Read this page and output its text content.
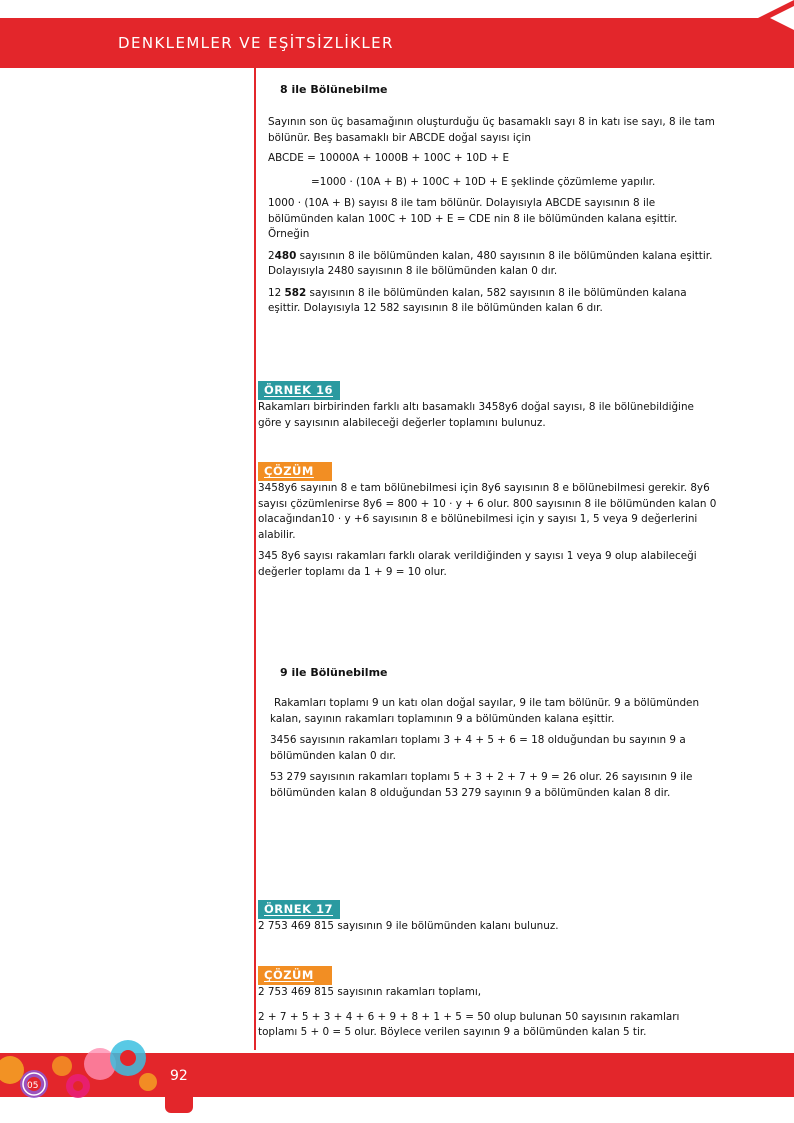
DENKLEMLER VE EŞİTSİZLİKLER

8 ile Bölünebilme

Sayının son üç basamağının oluşturduğu üç basamaklı sayı 8 in katı ise sayı, 8 ile tam bölünür. Beş basamaklı bir ABCDE doğal sayısı için

ABCDE = 10000A + 1000B + 100C + 10D + E

=1000 · (10A + B) + 100C + 10D + E şeklinde çözümleme yapılır.

1000 · (10A + B) sayısı 8 ile tam bölünür. Dolayısıyla ABCDE sayısının 8 ile bölümünden kalan 100C + 10D + E = CDE nin 8 ile bölümünden kalana eşittir. Örneğin

2480 sayısının 8 ile bölümünden kalan, 480 sayısının 8 ile bölümünden kalana eşittir. Dolayısıyla 2480 sayısının 8 ile bölümünden kalan 0 dır.

12 582 sayısının 8 ile bölümünden kalan, 582 sayısının 8 ile bölümünden kalana eşittir. Dolayısıyla 12 582 sayısının 8 ile bölümünden kalan 6 dır.

ÖRNEK 16

Rakamları birbirinden farklı altı basamaklı 3458y6 doğal sayısı, 8 ile bölünebildiğine göre y sayısının alabileceği değerler toplamını bulunuz.

ÇÖZÜM

3458y6 sayının 8 e tam bölünebilmesi için 8y6 sayısının 8 e bölünebilmesi gerekir. 8y6 sayısı çözümlenirse 8y6 = 800 + 10 · y + 6 olur. 800 sayısının 8 ile bölümünden kalan 0 olacağından10 · y +6 sayısının 8 e bölünebilmesi için y sayısı 1, 5 veya 9 değerlerini alabilir.

345 8y6 sayısı rakamları farklı olarak verildiğinden y sayısı 1 veya 9 olup alabileceği değerler toplamı da 1 + 9 = 10 olur.

9 ile Bölünebilme

Rakamları toplamı 9 un katı olan doğal sayılar, 9 ile tam bölünür. 9 a bölümünden kalan, sayının rakamları toplamının 9 a bölümünden kalana eşittir.

3456 sayısının rakamları toplamı 3 + 4 + 5 + 6 = 18 olduğundan bu sayının 9 a bölümünden kalan 0 dır.

53 279 sayısının rakamları toplamı 5 + 3 + 2 + 7 + 9 = 26 olur. 26 sayısının 9 ile bölümünden kalan 8 olduğundan 53 279 sayının 9 a bölümünden kalan 8 dir.

ÖRNEK 17

2 753 469 815 sayısının 9 ile bölümünden kalanı bulunuz.

ÇÖZÜM

2 753 469 815 sayısının rakamları toplamı,

2 + 7 + 5 + 3 + 4 + 6 + 9 + 8 + 1 + 5 = 50 olup bulunan 50 sayısının rakamları toplamı 5 + 0 = 5 olur. Böylece verilen sayının 9 a bölümünden kalan 5 tir.

92
05
